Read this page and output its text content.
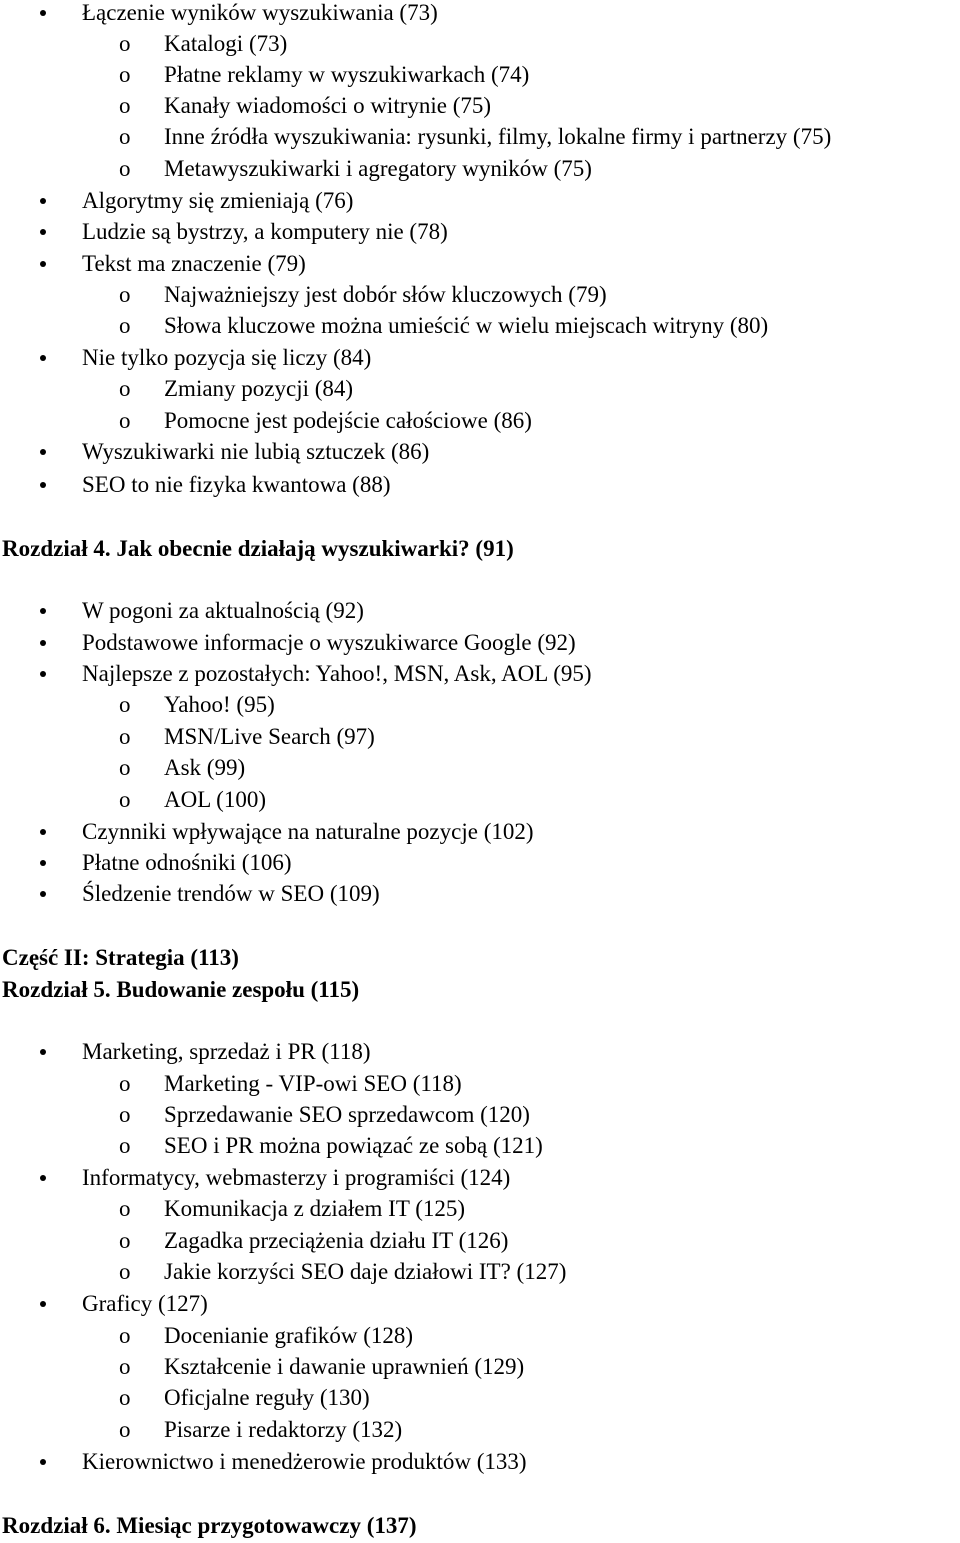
Łączenie wyników wyszukiwania (73)
o Katalogi (73)
o Płatne reklamy w wyszukiwarkach (74)
o Kanały wiadomości o witrynie (75)
o Inne źródła wyszukiwania: rysunki, filmy, lokalne firmy i partnerzy (75)
o Metawyszukiwarki i agregatory wyników (75)
Algorytmy się zmieniają (76)
Ludzie są bystrzy, a komputery nie (78)
Tekst ma znaczenie (79)
o Najważniejszy jest dobór słów kluczowych (79)
o Słowa kluczowe można umieścić w wielu miejscach witryny (80)
Nie tylko pozycja się liczy (84)
o Zmiany pozycji (84)
o Pomocne jest podejście całościowe (86)
Wyszukiwarki nie lubią sztuczek (86)
SEO to nie fizyka kwantowa (88)
Rozdział 4. Jak obecnie działają wyszukiwarki? (91)
W pogoni za aktualnością (92)
Podstawowe informacje o wyszukiwarce Google (92)
Najlepsze z pozostałych: Yahoo!, MSN, Ask, AOL (95)
o Yahoo! (95)
o MSN/Live Search (97)
o Ask (99)
o AOL (100)
Czynniki wpływające na naturalne pozycje (102)
Płatne odnośniki (106)
Śledzenie trendów w SEO (109)
Część II: Strategia (113)
Rozdział 5. Budowanie zespołu (115)
Marketing, sprzedaż i PR (118)
o Marketing - VIP-owi SEO (118)
o Sprzedawanie SEO sprzedawcom (120)
o SEO i PR można powiązać ze sobą (121)
Informatycy, webmasterzy i programiści (124)
o Komunikacja z działem IT (125)
o Zagadka przeciążenia działu IT (126)
o Jakie korzyści SEO daje działowi IT? (127)
Graficy (127)
o Docenianie grafików (128)
o Kształcenie i dawanie uprawnień (129)
o Oficjalne reguły (130)
o Pisarze i redaktorzy (132)
Kierownictwo i menedżerowie produktów (133)
Rozdział 6. Miesiąc przygotowawczy (137)
